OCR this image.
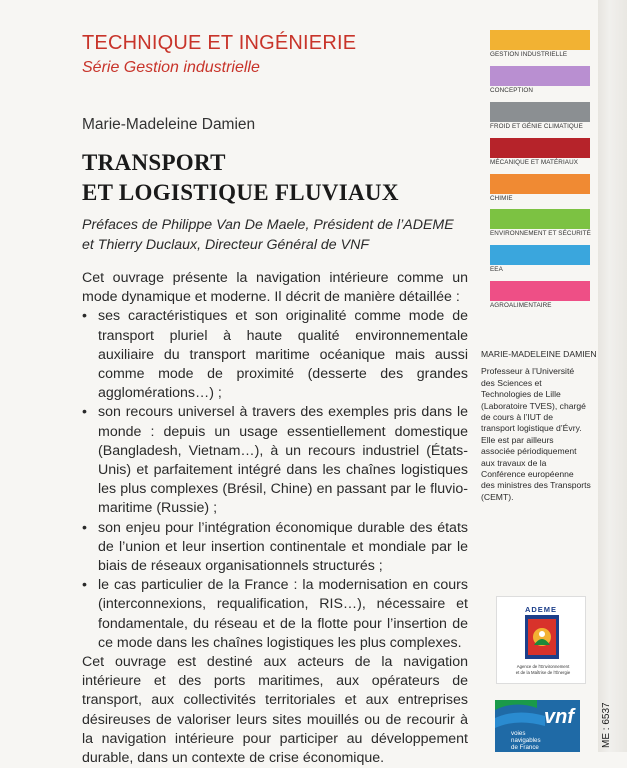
TECHNIQUE ET INGÉNIERIE
Série Gestion industrielle
Marie-Madeleine Damien
TRANSPORT
ET LOGISTIQUE FLUVIAUX
Préfaces de Philippe Van De Maele, Président de l’ADEME
et Thierry Duclaux, Directeur Général de VNF

Cet ouvrage présente la navigation intérieure comme un mode dynamique et moderne. Il décrit de manière détaillée :

• ses caractéristiques et son originalité comme mode de transport pluriel à haute qualité environnementale auxiliaire du transport maritime océanique mais aussi comme mode de proximité (desserte des grandes agglomérations…) ;
• son recours universel à travers des exemples pris dans le monde : depuis un usage essentiellement domestique (Bangladesh, Vietnam…), à un recours industriel (États-Unis) et parfaitement intégré dans les chaînes logistiques les plus complexes (Brésil, Chine) en passant par le fluvio-maritime (Russie) ;
• son enjeu pour l’intégration économique durable des états de l’union et leur insertion continentale et mondiale par le biais de réseaux organisationnels structurés ;
• le cas particulier de la France : la modernisation en cours (interconnexions, requalification, RIS…), nécessaire et fondamentale, du réseau et de la flotte pour l’insertion de ce mode dans les chaînes logistiques les plus complexes.

Cet ouvrage est destiné aux acteurs de la navigation intérieure et des ports maritimes, aux opérateurs de transport, aux collectivités territoriales et aux entreprises désireuses de valoriser leurs sites mouillés ou de recourir à la navigation intérieure pour participer au développement durable, dans un contexte de crise économique.

GESTION INDUSTRIELLE
CONCEPTION
FROID ET GÉNIE CLIMATIQUE
MÉCANIQUE ET MATÉRIAUX
CHIMIE
ENVIRONNEMENT ET SÉCURITÉ
EEA
AGROALIMENTAIRE
MARIE-MADELEINE DAMIEN
Professeur à l’Université
des Sciences et
Technologies de Lille
(Laboratoire TVES), chargé
de cours à l’IUT de
transport logistique d’Évry.
Elle est par ailleurs
associée périodiquement
aux travaux de la
Conférence européenne
des ministres des Transports
(CEMT).
ADEME
Agence de l’Environnement
et de la Maîtrise de l’Énergie
vnf
voies
navigables
de France	ME : 6537
